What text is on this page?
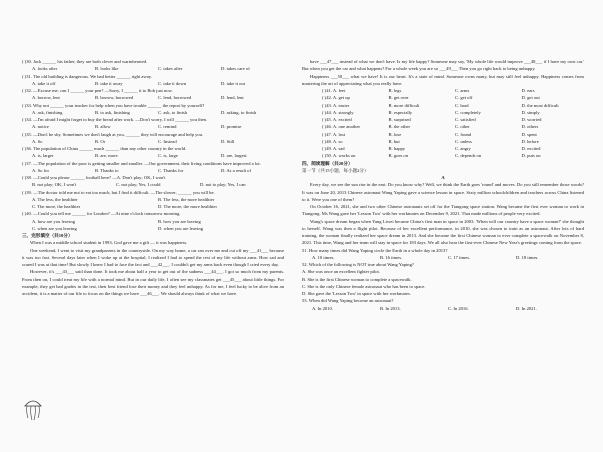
( )30. Jack ______ his father, they are both clever and warmhearted.
A. looks after	B. looks like	C. takes after	D. takes care of
( )31. The old building is dangerous. We had better ______ right away.
A. take it off	B. take it away	C. take it down	D. take it out
( )32. —Excuse me, can I ______ your pen? —Sorry, I ______ it to Bob just now.
A. borrow, lent	B. borrow, borrowed	C. lend, borrowed	D. lend, lent
( )33. Why not ______ your teacher for help when you have trouble ______ the report by yourself?
A. ask, finishing	B. to ask, finishing	C. ask, to finish	D. asking, to finish
( )34. —I'm afraid I might forget to buy the bread after work. —Don't worry, I will ______ you then.
A. notice	B. allow	C. remind	D. promise
( )35. —Don't be shy. Sometimes we don't laugh at you, ______ they will encourage and help you.
A. So	B. Or	C. Instead	D. Still
( )36. The population of China ______ much ______ than any other country in the world.
A. is, larger	B. are, more	C. is, large	D. are, largest
( )37. —The population of the poor is getting smaller and smaller. —Our government, their living conditions have improved a lot.
A. So for	B. Thanks to	C. Thanks for	D. As a result of
( )38. —Could you please ______ football here? —A. Don't play; OK, I won't
B. not play; OK, I won't	C. not play; Yes, I could	D. not to play; Yes, I can
( )39. —The doctor told me not to eat too much, but I find it difficult. —The slower, ______ you will be.
A. The less, the healthier	B. The less, the more healthier
C. The more, the healthier	D. The more, the more healthier
( )40. —Could you tell me ______ for London? —At nine o'clock tomorrow morning.
A. how are you leaving	B. how you are leaving
C. when are you leaving	D. when you are leaving
三、完形填空（共10分）
When I was a middle school student in 1993, God gave me a gift — it was happiness.
One weekend, I went to visit my grandparents in the countryside. On my way home, a car ran over me and cut off my ___41___ because it was too fast. Several days later when I woke up at the hospital, I realized I had to spend the rest of my life without arms. How sad and scared I was at that time! But slowly I knew I had to face the fact and ___42___. I couldn't get my arms back even though I cried every day.
However, it's ___43___ said than done. It took me about half a year to get out of the sadness ___44___. I got so much from my parents. From then on, I could treat my life with a normal mind. But in our daily life, I often see my classmates get ___45___ about little things. For example, they get bad grades in the test, their best friend lose their money and they feel unhappy. As for me, I feel lucky to be alive from an accident, it is a matter of our life to focus on the things we have ___46___. We should always think of what we have.
have ___47___ instead of what we don't have. Is my life happy? Someone may say, 'My whole life would improve ___48___ if I have my own car.' But when you get the car and what happens? For a whole week you are so ___49___ Then you go right back to being unhappy.
Happiness ___50___ what we have! It is our heart. It's a state of mind. Someone owns many, but may still feel unhappy. Happiness comes from mastering the art of appreciating what you really have.
( )41. A. feet	B. legs	C. arms	D. ears
( )42. A. get up	B. get over	C. get off	D. get out
( )43. A. easier	B. more difficult	C. hard	D. the most difficult
( )44. A. strongly	B. especially	C. completely	D. simply
( )45. A. excited	B. surprised	C. satisfied	D. worried
( )46. A. one another	B. the other	C. other	D. others
( )47. A. lost	B. lose	C. found	D. spent
( )48. A. so	B. but	C. unless	D. before
( )49. A. sad	B. happy	C. angry	D. excited
( )50. A. works on	B. goes on	C. depends on	D. puts on
四、阅读理解（共20分）
第一节（共15小题，每小题2分）
A
Every day, we see the sun rise in the east. Do you know why? Well, we think the Earth goes 'round' and moves. Do you still remember those words? It was on June 20, 2013 Chinese astronaut Wang Yaping gave a science lesson in space. Sixty million schoolchildren and teachers across China listened to it. Were you one of them?
On October 16, 2021, she and two other Chinese astronauts set off for the Tiangong space station. Wang became the first ever woman to work in Tiangong. Ms Wang gave her 'Lesson Two' with her workmates on December 9, 2021. That made millions of people very excited.
Wang's space dream began when Yang Liwei became China's first man in space in 2003. 'When will our country have a space woman?' she thought to herself. Wang was then a flight pilot. Because of her excellent performance, in 2010, she was chosen to train as an astronaut. After lots of hard training, the woman finally realized her space dream in 2013. And she became the first Chinese woman to ever complete a spacewalk on November 8, 2021. This time, Wang and her team will stay in space for 183 days. We all also hear the first-ever Chinese New Year's greetings coming from the space.
51. How many times did Wang Yaping circle the Earth in a whole day in 2013?
A. 10 times.	B. 16 times.	C. 17 times.	D. 18 times.
52. Which of the following is NOT true about Wang Yaping?
A. She was once an excellent fighter pilot.
B. She is the first Chinese woman to complete a spacewalk.
C. She is the only Chinese female astronaut who has been to space.
D. She gave the 'Lesson Two' in space with her workmates.
53. When did Wang Yaping become an astronaut?
A. In 2010.	B. In 2013.	C. In 2016.	D. In 2021.
